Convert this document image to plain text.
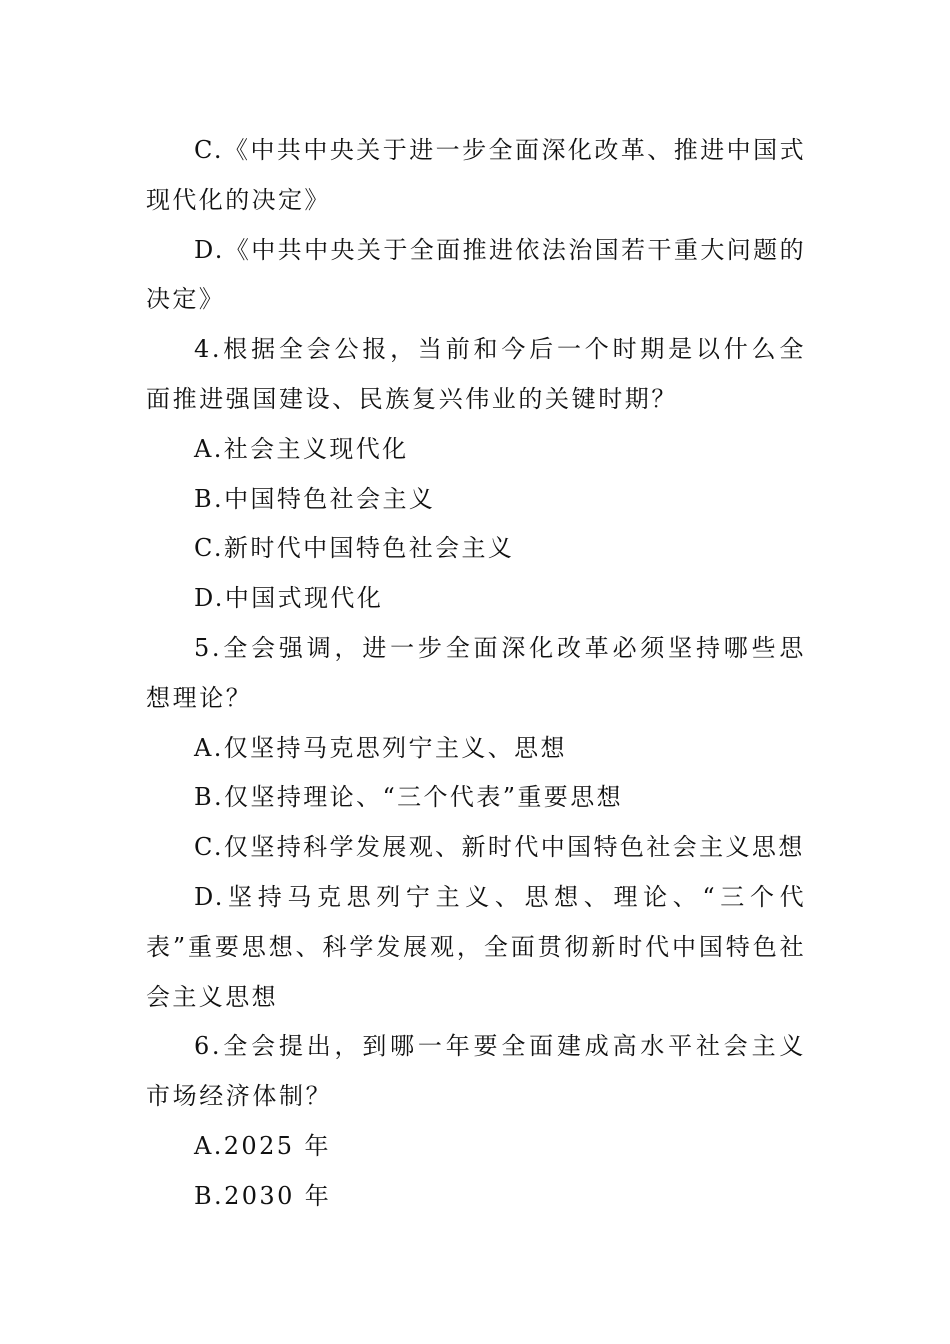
C.《中共中央关于进一步全面深化改革、推进中国式现代化的决定》

D.《中共中央关于全面推进依法治国若干重大问题的决定》

4.根据全会公报，当前和今后一个时期是以什么全面推进强国建设、民族复兴伟业的关键时期？

A.社会主义现代化

B.中国特色社会主义

C.新时代中国特色社会主义

D.中国式现代化

5.全会强调，进一步全面深化改革必须坚持哪些思想理论？

A.仅坚持马克思列宁主义、思想

B.仅坚持理论、“三个代表”重要思想

C.仅坚持科学发展观、新时代中国特色社会主义思想

D.坚持马克思列宁主义、思想、理论、“三个代表”重要思想、科学发展观，全面贯彻新时代中国特色社会主义思想

6.全会提出，到哪一年要全面建成高水平社会主义市场经济体制？

A.2025 年

B.2030 年
